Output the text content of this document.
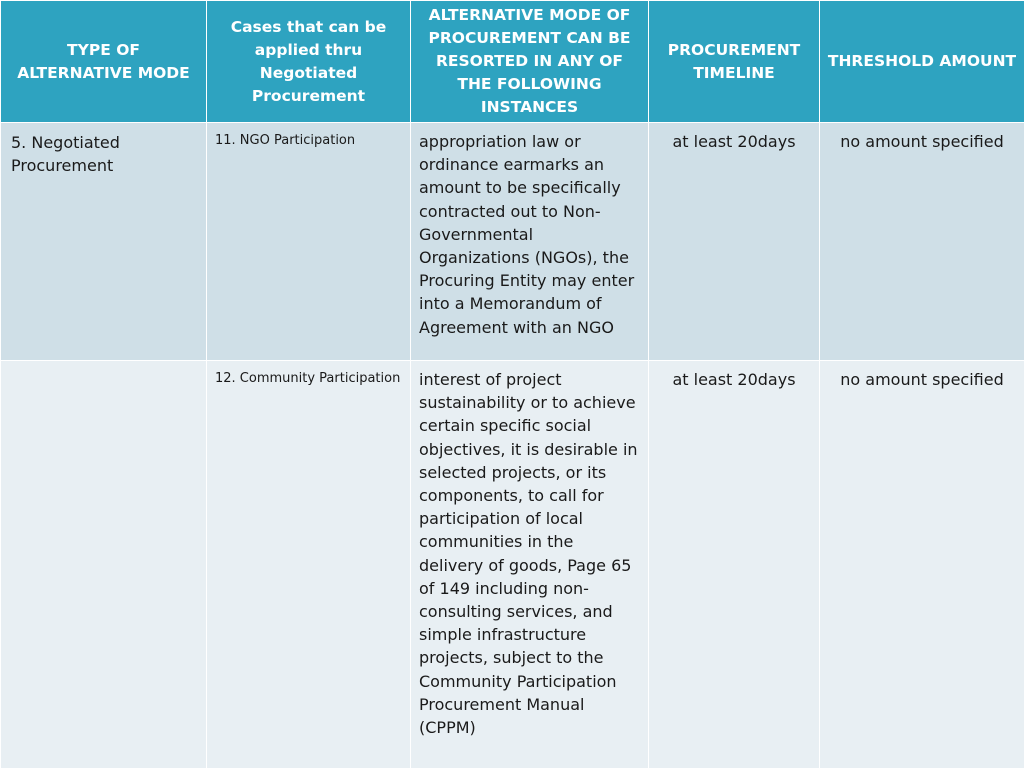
TYPE OF ALTERNATIVE MODE	Cases that can be applied thru Negotiated Procurement	ALTERNATIVE MODE OF PROCUREMENT CAN BE RESORTED IN ANY OF THE FOLLOWING INSTANCES	PROCUREMENT TIMELINE	THRESHOLD AMOUNT
5. Negotiated Procurement	11. NGO Participation	appropriation law or ordinance earmarks an amount to be specifically contracted out to Non-Governmental Organizations (NGOs), the Procuring Entity may enter into a Memorandum of Agreement with an NGO	at least 20days	no amount specified
	12. Community Participation	interest of project sustainability or to achieve certain specific social objectives, it is desirable in selected projects, or its components, to call for participation of local communities in the delivery of goods, Page 65 of 149 including non-consulting services, and simple infrastructure projects, subject to the Community Participation Procurement Manual (CPPM)	at least 20days	no amount specified
